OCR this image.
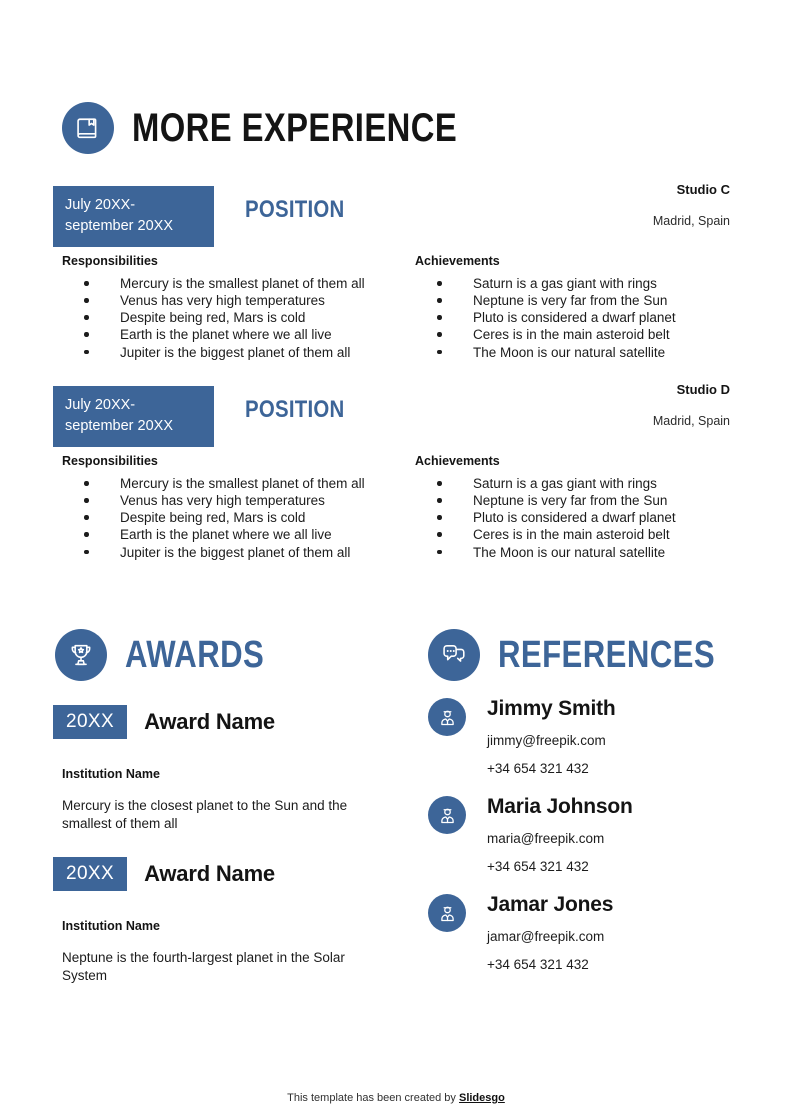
MORE EXPERIENCE
July 20XX-september 20XX
POSITION
Studio C
Madrid, Spain
Responsibilities
Mercury is the smallest planet of them all
Venus has very high temperatures
Despite being red, Mars is cold
Earth is the planet where we all live
Jupiter is the biggest planet of them all
Achievements
Saturn is a gas giant with rings
Neptune is very far from the Sun
Pluto is considered a dwarf planet
Ceres is in the main asteroid belt
The Moon is our natural satellite
July 20XX-september 20XX
POSITION
Studio D
Madrid, Spain
Responsibilities
Mercury is the smallest planet of them all
Venus has very high temperatures
Despite being red, Mars is cold
Earth is the planet where we all live
Jupiter is the biggest planet of them all
Achievements
Saturn is a gas giant with rings
Neptune is very far from the Sun
Pluto is considered a dwarf planet
Ceres is in the main asteroid belt
The Moon is our natural satellite
AWARDS
20XX	Award Name
Institution Name
Mercury is the closest planet to the Sun and the smallest of them all
20XX	Award Name
Institution Name
Neptune is the fourth-largest planet in the Solar System
REFERENCES
Jimmy Smith
jimmy@freepik.com
+34 654 321 432
Maria Johnson
maria@freepik.com
+34 654 321 432
Jamar Jones
jamar@freepik.com
+34 654 321 432
This template has been created by Slidesgo
